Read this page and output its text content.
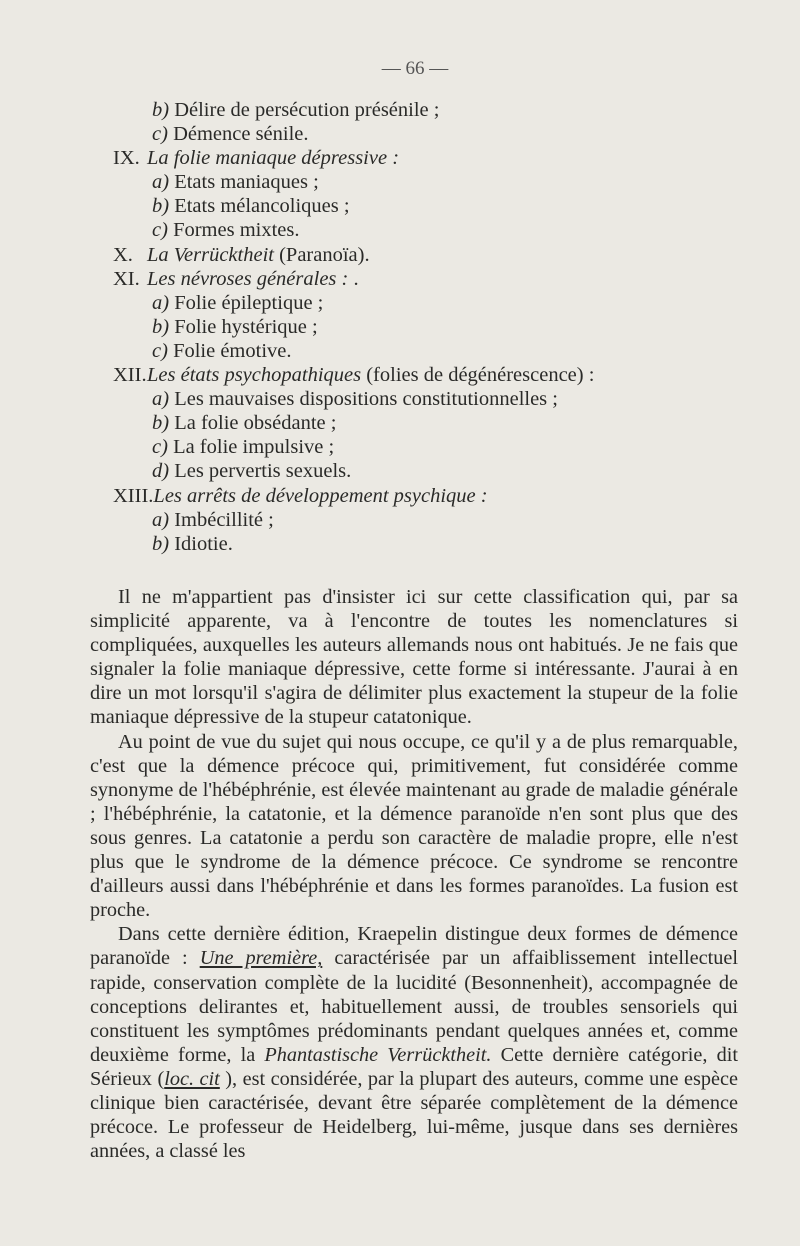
— 66 —
b) Délire de persécution présénile ;
c) Démence sénile.
IX. La folie maniaque dépressive :
a) Etats maniaques ;
b) Etats mélancoliques ;
c) Formes mixtes.
X. La Verrücktheit (Paranoïa).
XI. Les névroses générales : .
a) Folie épileptique ;
b) Folie hystérique ;
c) Folie émotive.
XII.Les états psychopathiques (folies de dégénérescence) :
a) Les mauvaises dispositions constitutionnelles ;
b) La folie obsédante ;
c) La folie impulsive ;
d) Les pervertis sexuels.
XIII.Les arrêts de développement psychique :
a) Imbécillité ;
b) Idiotie.

Il ne m'appartient pas d'insister ici sur cette classification qui, par sa simplicité apparente, va à l'encontre de toutes les nomenclatures si compliquées, auxquelles les auteurs allemands nous ont habitués. Je ne fais que signaler la folie maniaque dépressive, cette forme si intéressante. J'aurai à en dire un mot lorsqu'il s'agira de délimiter plus exactement la stupeur de la folie maniaque dépressive de la stupeur catatonique.

Au point de vue du sujet qui nous occupe, ce qu'il y a de plus remarquable, c'est que la démence précoce qui, primitivement, fut considérée comme synonyme de l'hébéphrénie, est élevée maintenant au grade de maladie générale ; l'hébéphrénie, la catatonie, et la démence paranoïde n'en sont plus que des sous genres. La catatonie a perdu son caractère de maladie propre, elle n'est plus que le syndrome de la démence précoce. Ce syndrome se rencontre d'ailleurs aussi dans l'hébéphrénie et dans les formes paranoïdes. La fusion est proche.

Dans cette dernière édition, Kraepelin distingue deux formes de démence paranoïde : Une première, caractérisée par un affaiblissement intellectuel rapide, conservation complète de la lucidité (Besonnenheit), accompagnée de conceptions delirantes et, habituellement aussi, de troubles sensoriels qui constituent les symptômes prédominants pendant quelques années et, comme deuxième forme, la Phantastische Verrücktheit. Cette dernière catégorie, dit Sérieux (loc. cit ), est considérée, par la plupart des auteurs, comme une espèce clinique bien caractérisée, devant être séparée complètement de la démence précoce. Le professeur de Heidelberg, lui-même, jusque dans ses dernières années, a classé les
